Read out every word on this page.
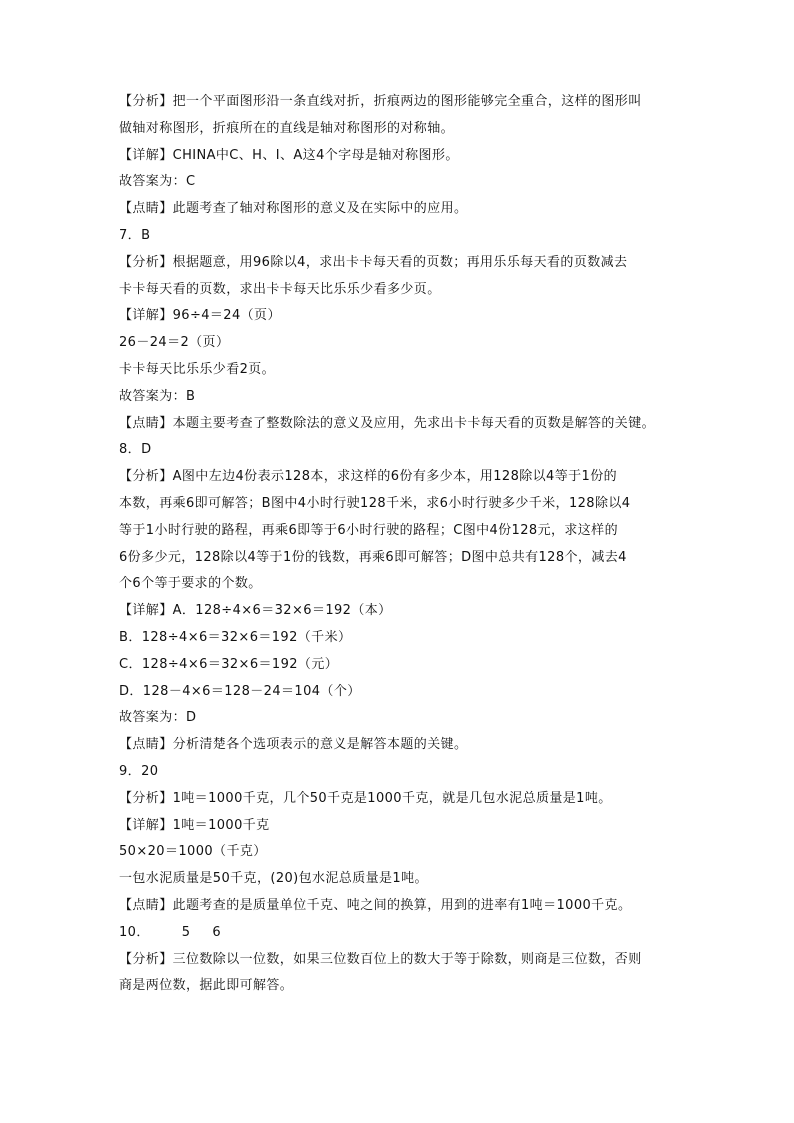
【分析】把一个平面图形沿一条直线对折，折痕两边的图形能够完全重合，这样的图形叫
做轴对称图形，折痕所在的直线是轴对称图形的对称轴。
【详解】CHINA中C、H、I、A这4个字母是轴对称图形。
故答案为：C
【点睛】此题考查了轴对称图形的意义及在实际中的应用。
7．B
【分析】根据题意，用96除以4，求出卡卡每天看的页数；再用乐乐每天看的页数减去
卡卡每天看的页数，求出卡卡每天比乐乐少看多少页。
【详解】96÷4＝24（页）
26－24＝2（页）
卡卡每天比乐乐少看2页。
故答案为：B
【点睛】本题主要考查了整数除法的意义及应用，先求出卡卡每天看的页数是解答的关键。
8．D
【分析】A图中左边4份表示128本，求这样的6份有多少本，用128除以4等于1份的
本数，再乘6即可解答；B图中4小时行驶128千米，求6小时行驶多少千米，128除以4
等于1小时行驶的路程，再乘6即等于6小时行驶的路程；C图中4份128元，求这样的
6份多少元，128除以4等于1份的钱数，再乘6即可解答；D图中总共有128个，减去4
个6个等于要求的个数。
【详解】A．128÷4×6＝32×6＝192（本）
B．128÷4×6＝32×6＝192（千米）
C．128÷4×6＝32×6＝192（元）
D．128－4×6＝128－24＝104（个）
故答案为：D
【点睛】分析清楚各个选项表示的意义是解答本题的关键。
9．20
【分析】1吨＝1000千克，几个50千克是1000千克，就是几包水泥总质量是1吨。
【详解】1吨＝1000千克
50×20＝1000（千克）
一包水泥质量是50千克，(20)包水泥总质量是1吨。
【点睛】此题考查的是质量单位千克、吨之间的换算，用到的进率有1吨＝1000千克。
10． 5 6
【分析】三位数除以一位数，如果三位数百位上的数大于等于除数，则商是三位数，否则
商是两位数，据此即可解答。
